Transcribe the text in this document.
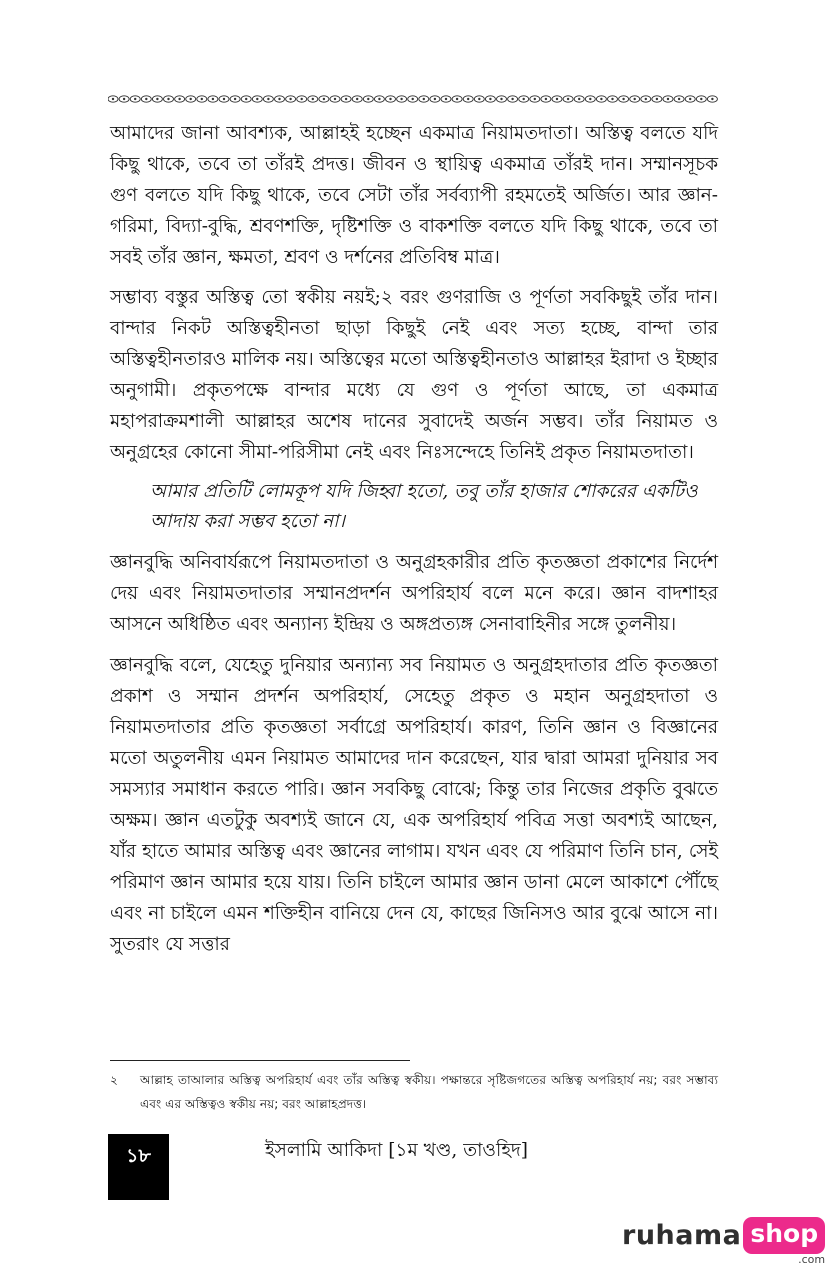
আমাদের জানা আবশ্যক, আল্লাহই হচ্ছেন একমাত্র নিয়ামতদাতা। অস্তিত্ব বলতে যদি কিছু থাকে, তবে তা তাঁরই প্রদত্ত। জীবন ও স্থায়িত্ব একমাত্র তাঁরই দান। সম্মানসূচক গুণ বলতে যদি কিছু থাকে, তবে সেটা তাঁর সর্বব্যাপী রহমতেই অর্জিত। আর জ্ঞান-গরিমা, বিদ্যা-বুদ্ধি, শ্রবণশক্তি, দৃষ্টিশক্তি ও বাকশক্তি বলতে যদি কিছু থাকে, তবে তা সবই তাঁর জ্ঞান, ক্ষমতা, শ্রবণ ও দর্শনের প্রতিবিম্ব মাত্র।

সম্ভাব্য বস্তুর অস্তিত্ব তো স্বকীয় নয়ই;২ বরং গুণরাজি ও পূর্ণতা সবকিছুই তাঁর দান। বান্দার নিকট অস্তিত্বহীনতা ছাড়া কিছুই নেই এবং সত্য হচ্ছে, বান্দা তার অস্তিত্বহীনতারও মালিক নয়। অস্তিত্বের মতো অস্তিত্বহীনতাও আল্লাহর ইরাদা ও ইচ্ছার অনুগামী। প্রকৃতপক্ষে বান্দার মধ্যে যে গুণ ও পূর্ণতা আছে, তা একমাত্র মহাপরাক্রমশালী আল্লাহর অশেষ দানের সুবাদেই অর্জন সম্ভব। তাঁর নিয়ামত ও অনুগ্রহের কোনো সীমা-পরিসীমা নেই এবং নিঃসন্দেহে তিনিই প্রকৃত নিয়ামতদাতা।

আমার প্রতিটি লোমকূপ যদি জিহ্বা হতো, তবু তাঁর হাজার শোকরের একটিও আদায় করা সম্ভব হতো না।

জ্ঞানবুদ্ধি অনিবার্যরূপে নিয়ামতদাতা ও অনুগ্রহকারীর প্রতি কৃতজ্ঞতা প্রকাশের নির্দেশ দেয় এবং নিয়ামতদাতার সম্মানপ্রদর্শন অপরিহার্য বলে মনে করে। জ্ঞান বাদশাহর আসনে অধিষ্ঠিত এবং অন্যান্য ইন্দ্রিয় ও অঙ্গপ্রত্যঙ্গ সেনাবাহিনীর সঙ্গে তুলনীয়।

জ্ঞানবুদ্ধি বলে, যেহেতু দুনিয়ার অন্যান্য সব নিয়ামত ও অনুগ্রহদাতার প্রতি কৃতজ্ঞতা প্রকাশ ও সম্মান প্রদর্শন অপরিহার্য, সেহেতু প্রকৃত ও মহান অনুগ্রহদাতা ও নিয়ামতদাতার প্রতি কৃতজ্ঞতা সর্বাগ্রে অপরিহার্য। কারণ, তিনি জ্ঞান ও বিজ্ঞানের মতো অতুলনীয় এমন নিয়ামত আমাদের দান করেছেন, যার দ্বারা আমরা দুনিয়ার সব সমস্যার সমাধান করতে পারি। জ্ঞান সবকিছু বোঝে; কিন্তু তার নিজের প্রকৃতি বুঝতে অক্ষম। জ্ঞান এতটুকু অবশ্যই জানে যে, এক অপরিহার্য পবিত্র সত্তা অবশ্যই আছেন, যাঁর হাতে আমার অস্তিত্ব এবং জ্ঞানের লাগাম। যখন এবং যে পরিমাণ তিনি চান, সেই পরিমাণ জ্ঞান আমার হয়ে যায়। তিনি চাইলে আমার জ্ঞান ডানা মেলে আকাশে পৌঁছে এবং না চাইলে এমন শক্তিহীন বানিয়ে দেন যে, কাছের জিনিসও আর বুঝে আসে না। সুতরাং যে সত্তার

২	আল্লাহ তাআলার অস্তিত্ব অপরিহার্য এবং তাঁর অস্তিত্ব স্বকীয়। পক্ষান্তরে সৃষ্টিজগতের অস্তিত্ব অপরিহার্য নয়; বরং সম্ভাব্য এবং এর অস্তিত্বও স্বকীয় নয়; বরং আল্লাহপ্রদত্ত।
১৮	ইসলামি আকিদা [১ম খণ্ড, তাওহিদ]
ruhama shop
.com
